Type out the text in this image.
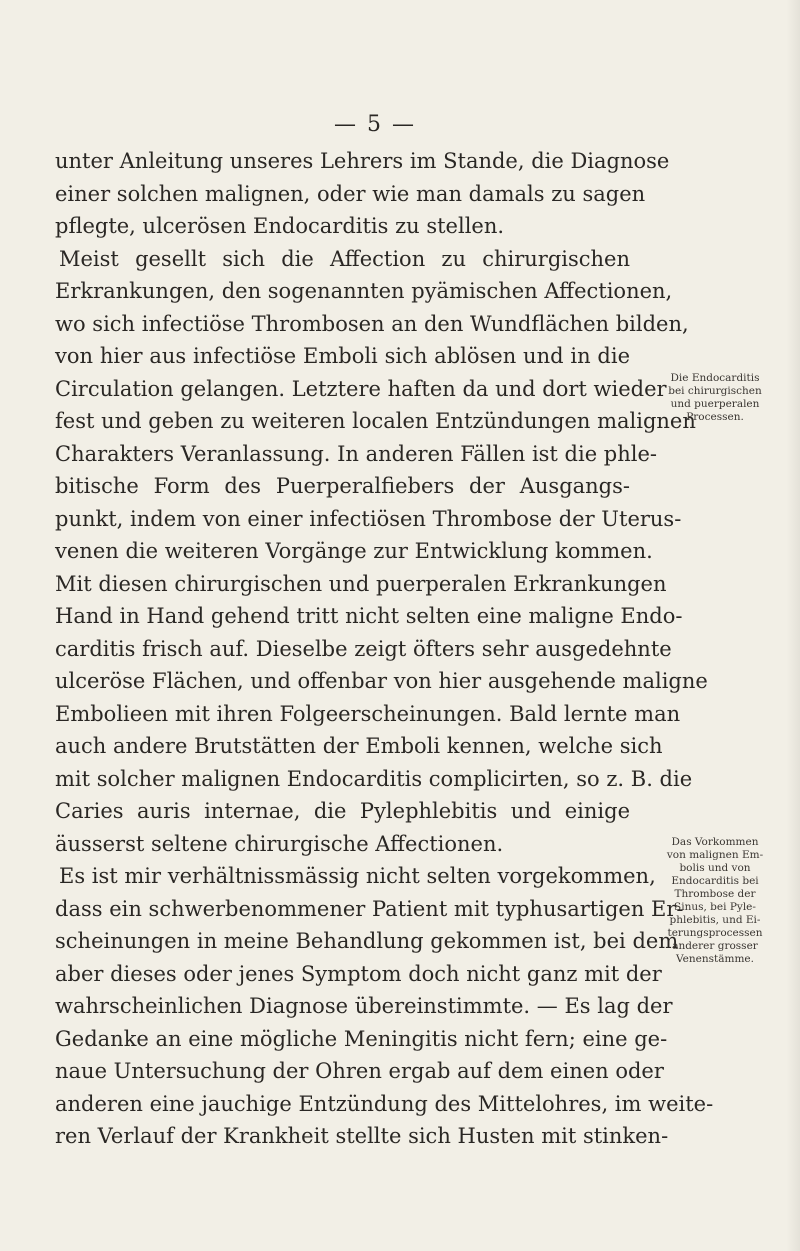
— 5 —
unter Anleitung unseres Lehrers im Stande, die Diagnose
einer solchen malignen, oder wie man damals zu sagen
pflegte, ulcerösen Endocarditis zu stellen.
Meist gesellt sich die Affection zu chirurgischen
Erkrankungen, den sogenannten pyämischen Affectionen,
wo sich infectiöse Thrombosen an den Wundflächen bilden,
von hier aus infectiöse Emboli sich ablösen und in die
Circulation gelangen. Letztere haften da und dort wieder
fest und geben zu weiteren localen Entzündungen malignen
Charakters Veranlassung. In anderen Fällen ist die phle-
bitische Form des Puerperalfiebers der Ausgangs-
punkt, indem von einer infectiösen Thrombose der Uterus-
venen die weiteren Vorgänge zur Entwicklung kommen.
Mit diesen chirurgischen und puerperalen Erkrankungen
Hand in Hand gehend tritt nicht selten eine maligne Endo-
carditis frisch auf. Dieselbe zeigt öfters sehr ausgedehnte
ulceröse Flächen, und offenbar von hier ausgehende maligne
Embolieen mit ihren Folgeerscheinungen. Bald lernte man
auch andere Brutstätten der Emboli kennen, welche sich
mit solcher malignen Endocarditis complicirten, so z. B. die
Caries auris internae, die Pylephlebitis und einige
äusserst seltene chirurgische Affectionen.
Es ist mir verhältnissmässig nicht selten vorgekommen,
dass ein schwerbenommener Patient mit typhusartigen Er-
scheinungen in meine Behandlung gekommen ist, bei dem
aber dieses oder jenes Symptom doch nicht ganz mit der
wahrscheinlichen Diagnose übereinstimmte. — Es lag der
Gedanke an eine mögliche Meningitis nicht fern; eine ge-
naue Untersuchung der Ohren ergab auf dem einen oder
anderen eine jauchige Entzündung des Mittelohres, im weite-
ren Verlauf der Krankheit stellte sich Husten mit stinken-
Die Endocarditis
bei chirurgischen
und puerperalen
Processen.
Das Vorkommen
von malignen Em-
bolis und von
Endocarditis bei
Thrombose der
Sinus, bei Pyle-
phlebitis, und Ei-
terungsprocessen
anderer grosser
Venenstämme.
